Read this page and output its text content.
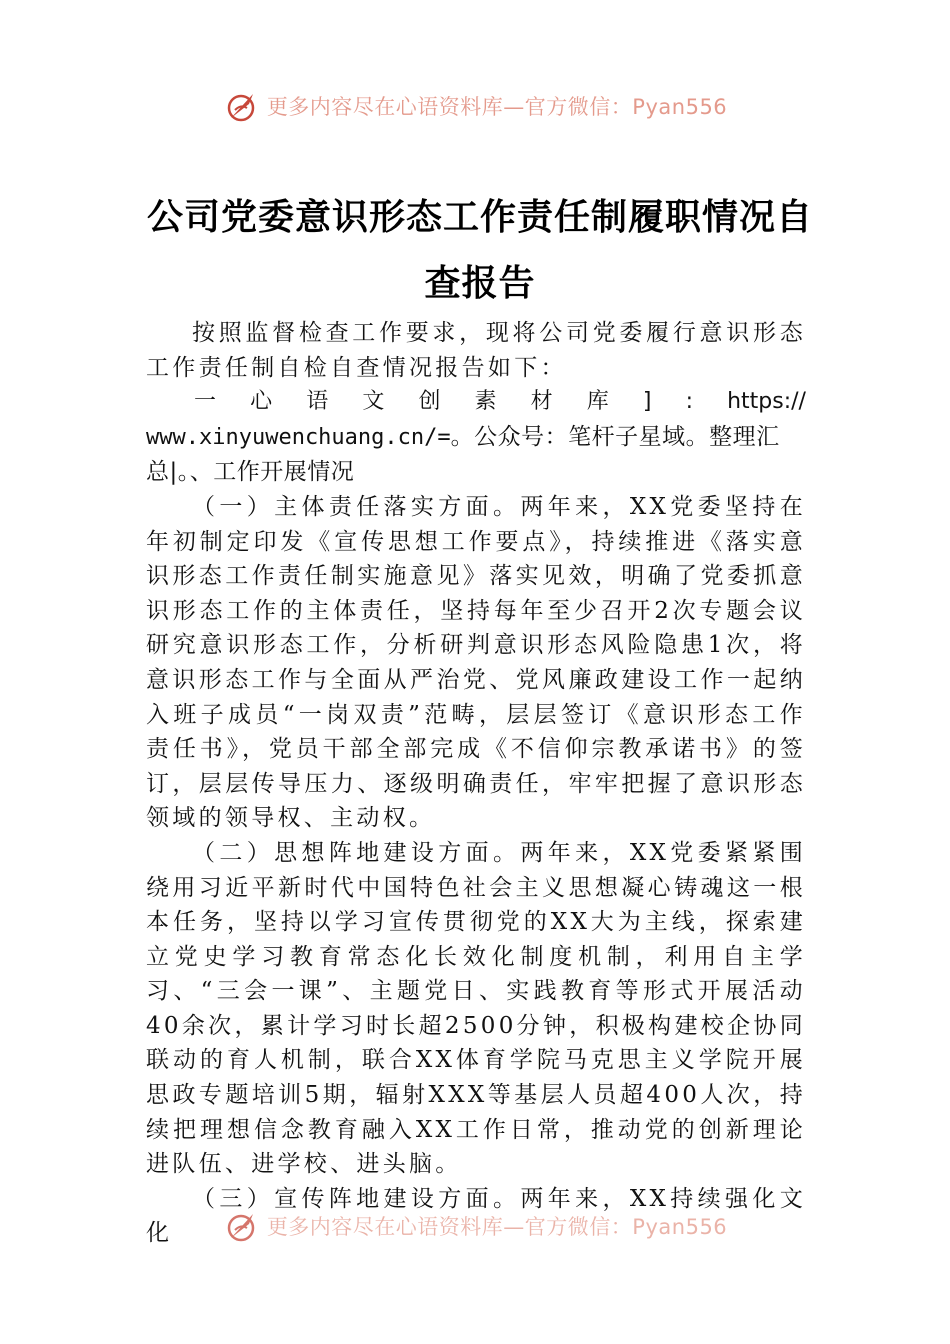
更多内容尽在心语资料库—官方微信：Pyan556
公司党委意识形态工作责任制履职情况自
查报告

按照监督检查工作要求，现将公司党委履行意识形态工作责任制自检自查情况报告如下：

一 心 语 文 创 素 材 库 ] : https://

www.xinyuwenchuang.cn/=。公众号：笔杆子星域。整理汇

总|。、工作开展情况

（一）主体责任落实方面。两年来，XX党委坚持在年初制定印发《宣传思想工作要点》，持续推进《落实意识形态工作责任制实施意见》落实见效，明确了党委抓意识形态工作的主体责任，坚持每年至少召开2次专题会议研究意识形态工作，分析研判意识形态风险隐患1次，将意识形态工作与全面从严治党、党风廉政建设工作一起纳入班子成员“一岗双责”范畴，层层签订《意识形态工作责任书》，党员干部全部完成《不信仰宗教承诺书》的签订，层层传导压力、逐级明确责任，牢牢把握了意识形态领域的领导权、主动权。

（二）思想阵地建设方面。两年来，XX党委紧紧围绕用习近平新时代中国特色社会主义思想凝心铸魂这一根本任务，坚持以学习宣传贯彻党的XX大为主线，探索建立党史学习教育常态化长效化制度机制，利用自主学习、“三会一课”、主题党日、实践教育等形式开展活动40余次，累计学习时长超2500分钟，积极构建校企协同联动的育人机制，联合XX体育学院马克思主义学院开展思政专题培训5期，辐射XXX等基层人员超400人次，持续把理想信念教育融入XX工作日常，推动党的创新理论进队伍、进学校、进头脑。

（三）宣传阵地建设方面。两年来，XX持续强化文化	更多内容尽在心语资料库—官方微信：Pyan556
